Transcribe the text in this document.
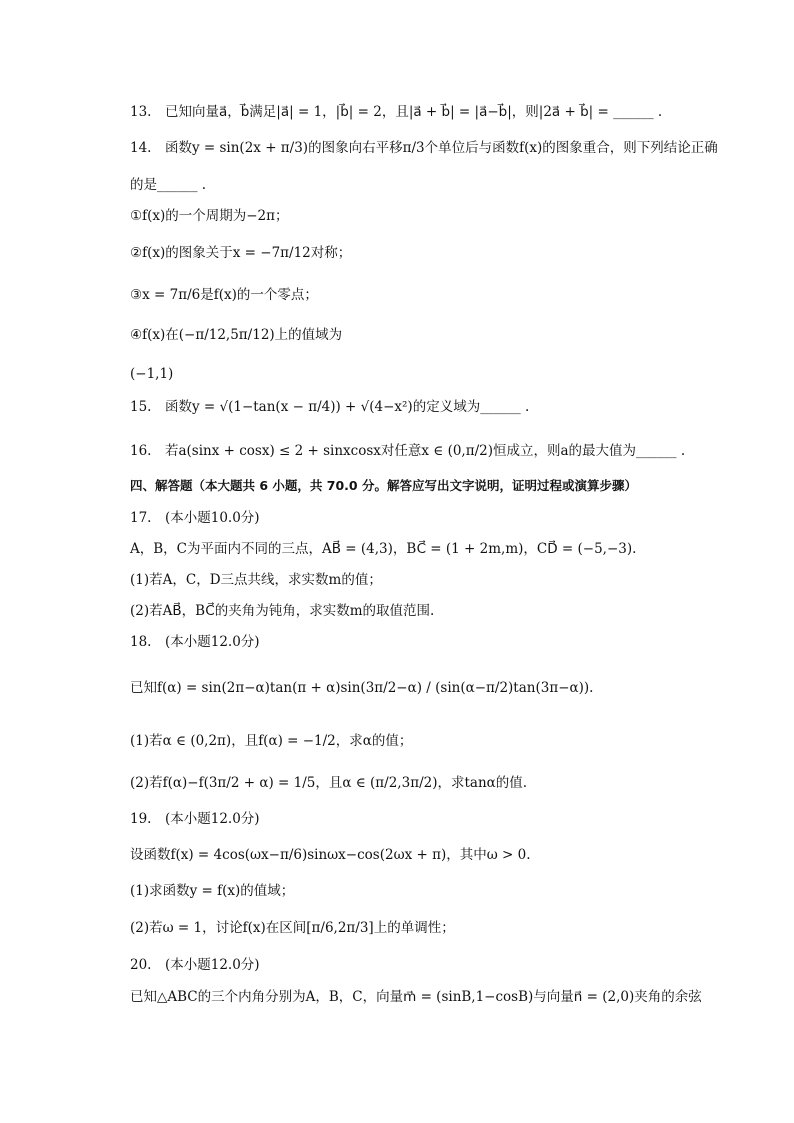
13.　已知向量a⃗，b⃗满足|a⃗| = 1，|b⃗| = 2，且|a⃗ + b⃗| = |a⃗−b⃗|，则|2a⃗ + b⃗| = ______ .
14.　函数y = sin(2x + π/3)的图象向右平移π/3个单位后与函数f(x)的图象重合，则下列结论正确
的是______ .
①f(x)的一个周期为−2π；
②f(x)的图象关于x = −7π/12对称；
③x = 7π/6是f(x)的一个零点；
④f(x)在(−π/12,5π/12)上的值域为
(−1,1)
15.　函数y = √(1−tan(x − π/4)) + √(4−x²)的定义域为______ .
16.　若a(sinx + cosx) ≤ 2 + sinxcosx对任意x ∈ (0,π/2)恒成立，则a的最大值为______ .
四、解答题（本大题共 6 小题，共 70.0 分。解答应写出文字说明，证明过程或演算步骤）
17.　(本小题10.0分)
A，B，C为平面内不同的三点，AB⃗ = (4,3)，BC⃗ = (1 + 2m,m)，CD⃗ = (−5,−3).
(1)若A，C，D三点共线，求实数m的值；
(2)若AB⃗，BC⃗的夹角为钝角，求实数m的取值范围.
18.　(本小题12.0分)
已知f(α) = sin(2π−α)tan(π + α)sin(3π/2−α) / (sin(α−π/2)tan(3π−α)).
(1)若α ∈ (0,2π)，且f(α) = −1/2，求α的值；
(2)若f(α)−f(3π/2 + α) = 1/5，且α ∈ (π/2,3π/2)，求tanα的值.
19.　(本小题12.0分)
设函数f(x) = 4cos(ωx−π/6)sinωx−cos(2ωx + π)，其中ω > 0.
(1)求函数y = f(x)的值域；
(2)若ω = 1，讨论f(x)在区间[π/6,2π/3]上的单调性；
20.　(本小题12.0分)
已知△ABC的三个内角分别为A，B，C，向量m⃗ = (sinB,1−cosB)与向量n⃗ = (2,0)夹角的余弦
